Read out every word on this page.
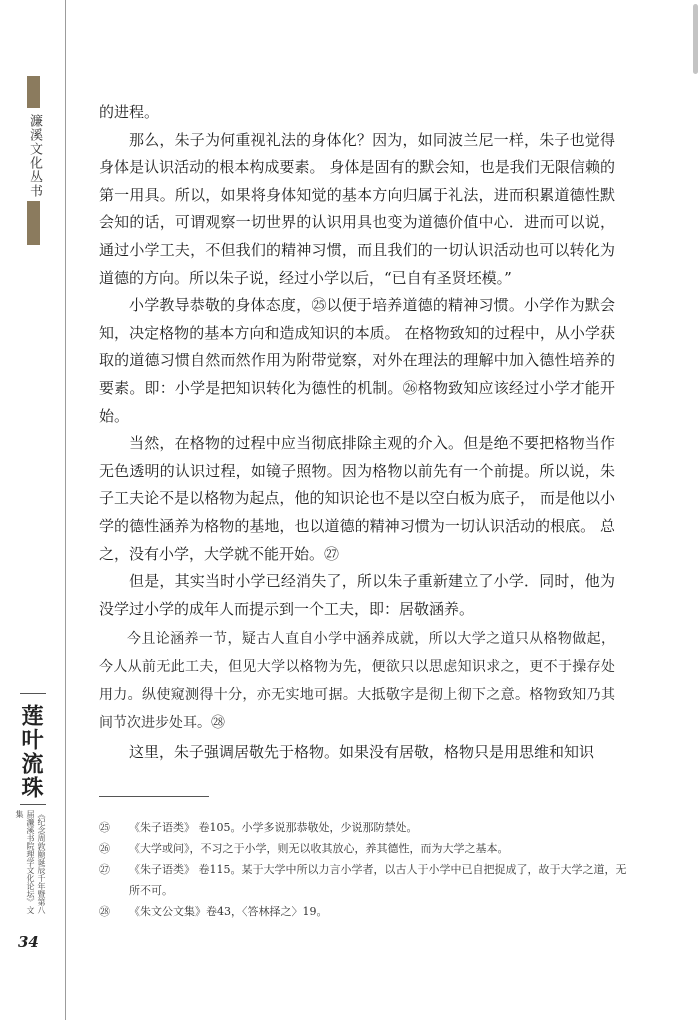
濂溪文化丛书
莲叶流珠
《纪念周敦颐诞辰千年暨第八届濂溪书院理学文化论坛》文集
34

的进程。

那么，朱子为何重视礼法的身体化？因为，如同波兰尼一样，朱子也觉得身体是认识活动的根本构成要素。 身体是固有的默会知，也是我们无限信赖的第一用具。所以，如果将身体知觉的基本方向归属于礼法，进而积累道德性默会知的话，可谓观察一切世界的认识用具也变为道德价值中心．进而可以说，通过小学工夫，不但我们的精神习惯，而且我们的一切认识活动也可以转化为道德的方向。所以朱子说，经过小学以后，“已自有圣贤坯模。”

小学教导恭敬的身体态度，㉕以便于培养道德的精神习惯。小学作为默会知，决定格物的基本方向和造成知识的本质。 在格物致知的过程中，从小学获取的道德习惯自然而然作用为附带觉察，对外在理法的理解中加入德性培养的要素。即：小学是把知识转化为德性的机制。㉖格物致知应该经过小学才能开始。

当然，在格物的过程中应当彻底排除主观的介入。但是绝不要把格物当作无色透明的认识过程，如镜子照物。因为格物以前先有一个前提。所以说，朱子工夫论不是以格物为起点，他的知识论也不是以空白板为底子， 而是他以小学的德性涵养为格物的基地，也以道德的精神习惯为一切认识活动的根底。 总之，没有小学，大学就不能开始。㉗

但是，其实当时小学已经消失了，所以朱子重新建立了小学．同时，他为没学过小学的成年人而提示到一个工夫，即：居敬涵养。

今且论涵养一节，疑古人直自小学中涵养成就，所以大学之道只从格物做起，今人从前无此工夫，但见大学以格物为先，便欲只以思虑知识求之，更不于操存处用力。纵使窥测得十分，亦无实地可据。大抵敬字是彻上彻下之意。格物致知乃其间节次进步处耳。㉘

这里，朱子强调居敬先于格物。如果没有居敬，格物只是用思维和知识

㉕	《朱子语类》 卷105。小学多说那恭敬处，少说那防禁处。

㉖	《大学或问》，不习之于小学，则无以收其放心，养其德性，而为大学之基本。

㉗	《朱子语类》 卷115。某于大学中所以力言小学者，以古人于小学中已自把捉成了，故于大学之道，无所不可。

㉘	《朱文公文集》卷43，〈答林择之〉19。
